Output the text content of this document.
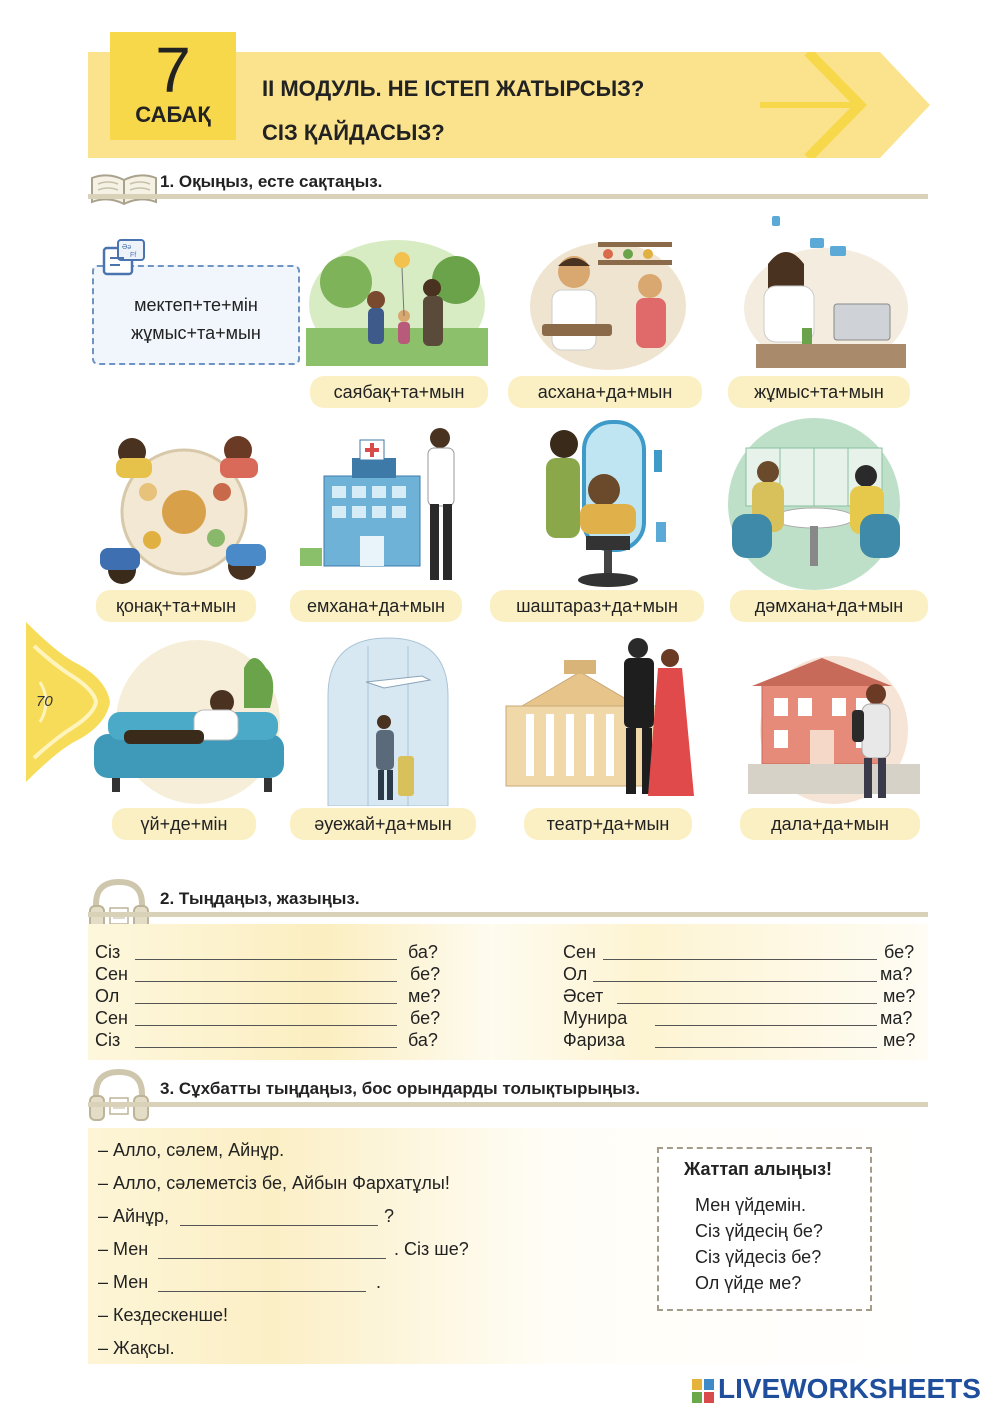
7
САБАҚ
II МОДУЛЬ. НЕ ІСТЕП ЖАТЫРСЫЗ?
СІЗ ҚАЙДАСЫЗ?
1. Оқыңыз, есте сақтаңыз.
мектеп+те+мін
жұмыс+та+мын
Әә
Ff
саябақ+та+мын	асхана+да+мын	жұмыс+та+мын
қонақ+та+мын	емхана+да+мын	шаштараз+да+мын	дәмхана+да+мын
70
үй+де+мін	әуежай+да+мын	театр+да+мын	дала+да+мын
2. Тыңдаңыз, жазыңыз.
Сіз	ба?
Сен	бе?
Ол	ме?
Сен	бе?
Сіз	ба?
Сен	бе?
Ол	ма?
Әсет	ме?
Мунира	ма?
Фариза	ме?
3. Сұхбатты тыңдаңыз, бос орындарды толықтырыңыз.
– Алло, сәлем, Айнұр.
– Алло, сәлеметсіз бе, Айбын Фархатұлы!
– Айнұр,	?
– Мен	. Сіз ше?
– Мен	.
– Кездескенше!
– Жақсы.
Жаттап алыңыз!
Мен үйдемін.
Сіз үйдесің бе?
Сіз үйдесіз бе?
Ол үйде ме?
LIVEWORKSHEETS
